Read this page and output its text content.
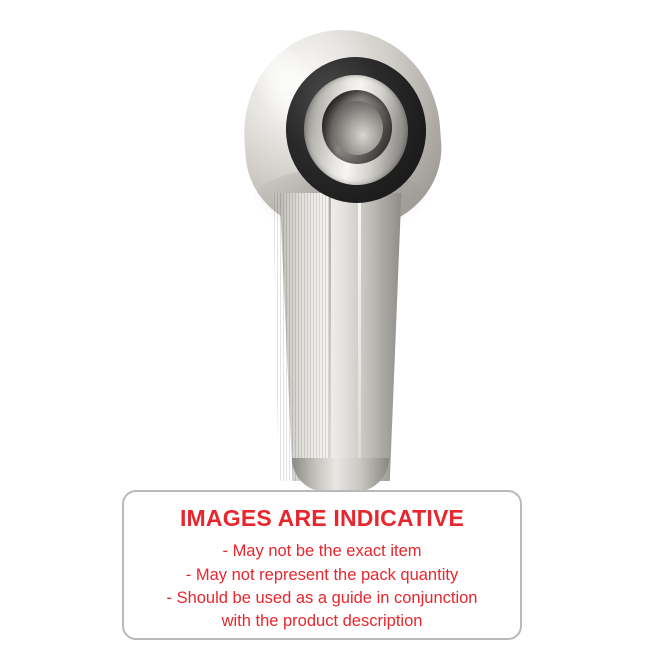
IMAGES ARE INDICATIVE

- May not be the exact item

- May not represent the pack quantity

- Should be used as a guide in conjunction

with the product description
